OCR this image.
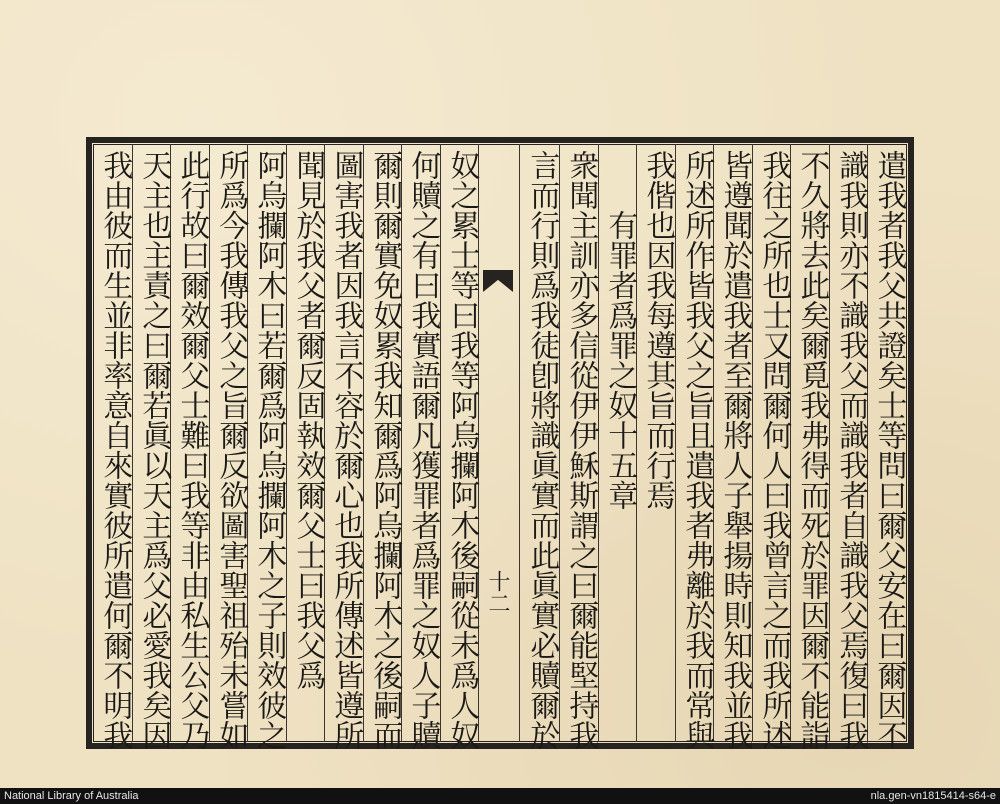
遣我者我父共證矣士等問曰爾父安在曰爾因不
識我則亦不識我父而識我者自識我父焉復曰我
不久將去此矣爾覓我弗得而死於罪因爾不能詣
我往之所也士又問爾何人曰我曾言之而我所述
皆遵聞於遣我者至爾將人子舉揚時則知我並我
所述所作皆我父之旨且遣我者弗離於我而常與
我偕也因我每遵其旨而行焉
有罪者爲罪之奴十五章
衆聞主訓亦多信從伊伊穌斯謂之曰爾能堅持我
言而行則爲我徒卽將識眞實而此眞實必贖爾於
十二
奴之累士等曰我等阿烏攔阿木後嗣從未爲人奴
何贖之有曰我實語爾凡獲罪者爲罪之奴人子贖
爾則爾實免奴累我知爾爲阿烏攔阿木之後嗣而
圖害我者因我言不容於爾心也我所傳述皆遵所
聞見於我父者爾反固執效爾父士曰我父爲
阿烏攔阿木曰若爾爲阿烏攔阿木之子則效彼之
所爲今我傳我父之旨爾反欲圖害聖祖殆未嘗如
此行故曰爾效爾父士難曰我等非由私生公父乃
天主也主責之曰爾若眞以天主爲父必愛我矣因
我由彼而生並非率意自來實彼所遣何爾不明我
National Library of Australia	nla.gen-vn1815414-s64-e
